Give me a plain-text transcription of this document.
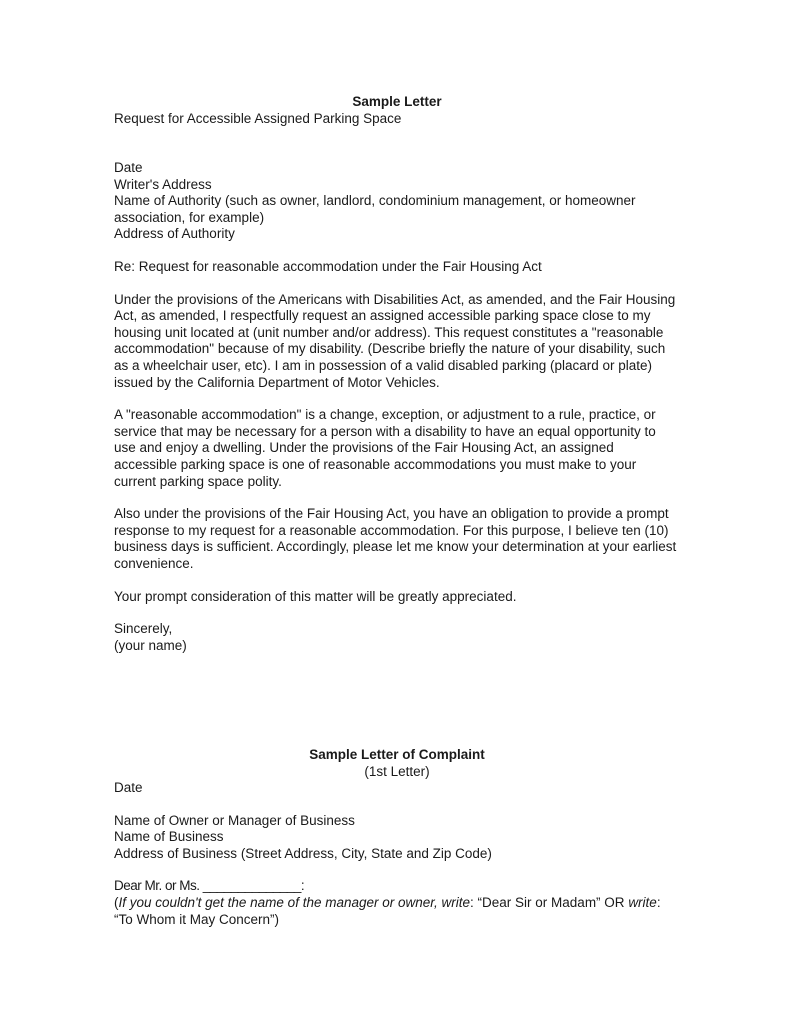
Sample Letter
Request for Accessible Assigned Parking Space
Date
Writer's Address
Name of Authority (such as owner, landlord, condominium management, or homeowner association, for example)
Address of Authority
Re: Request for reasonable accommodation under the Fair Housing Act
Under the provisions of the Americans with Disabilities Act, as amended, and the Fair Housing Act, as amended, I respectfully request an assigned accessible parking space close to my housing unit located at (unit number and/or address). This request constitutes a "reasonable accommodation" because of my disability. (Describe briefly the nature of your disability, such as a wheelchair user, etc). I am in possession of a valid disabled parking (placard or plate) issued by the California Department of Motor Vehicles.
A "reasonable accommodation" is a change, exception, or adjustment to a rule, practice, or service that may be necessary for a person with a disability to have an equal opportunity to use and enjoy a dwelling. Under the provisions of the Fair Housing Act, an assigned accessible parking space is one of reasonable accommodations you must make to your current parking space polity.
Also under the provisions of the Fair Housing Act, you have an obligation to provide a prompt response to my request for a reasonable accommodation. For this purpose, I believe ten (10) business days is sufficient. Accordingly, please let me know your determination at your earliest convenience.
Your prompt consideration of this matter will be greatly appreciated.
Sincerely,
(your name)
Sample Letter of Complaint
(1st Letter)
Date
Name of Owner or Manager of Business
Name of Business
Address of Business (Street Address, City, State and Zip Code)
Dear Mr. or Ms. ______________:
(If you couldn't get the name of the manager or owner, write: “Dear Sir or Madam” OR write: “To Whom it May Concern”)
